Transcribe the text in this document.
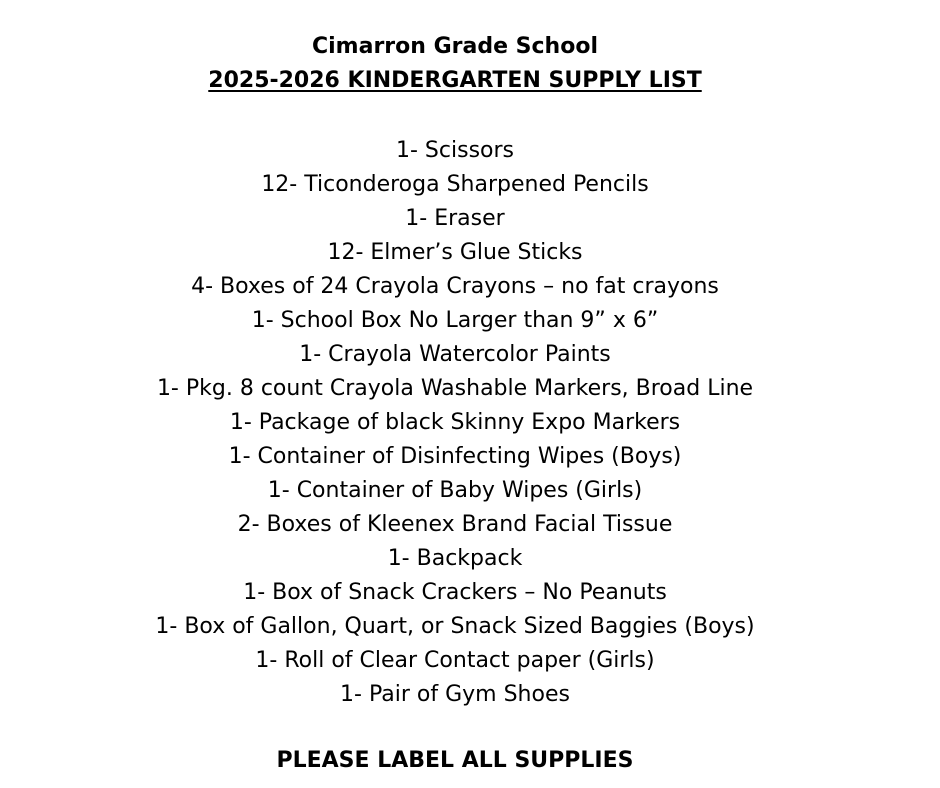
Cimarron Grade School
2025-2026 KINDERGARTEN SUPPLY LIST
1- Scissors
12- Ticonderoga Sharpened Pencils
1- Eraser
12- Elmer’s Glue Sticks
4- Boxes of 24 Crayola Crayons – no fat crayons
1- School Box No Larger than 9” x 6”
1- Crayola Watercolor Paints
1- Pkg. 8 count Crayola Washable Markers, Broad Line
1- Package of black Skinny Expo Markers
1- Container of Disinfecting Wipes (Boys)
1- Container of Baby Wipes (Girls)
2- Boxes of Kleenex Brand Facial Tissue
1- Backpack
1- Box of Snack Crackers – No Peanuts
1- Box of Gallon, Quart, or Snack Sized Baggies (Boys)
1- Roll of Clear Contact paper (Girls)
1- Pair of Gym Shoes

PLEASE LABEL ALL SUPPLIES
